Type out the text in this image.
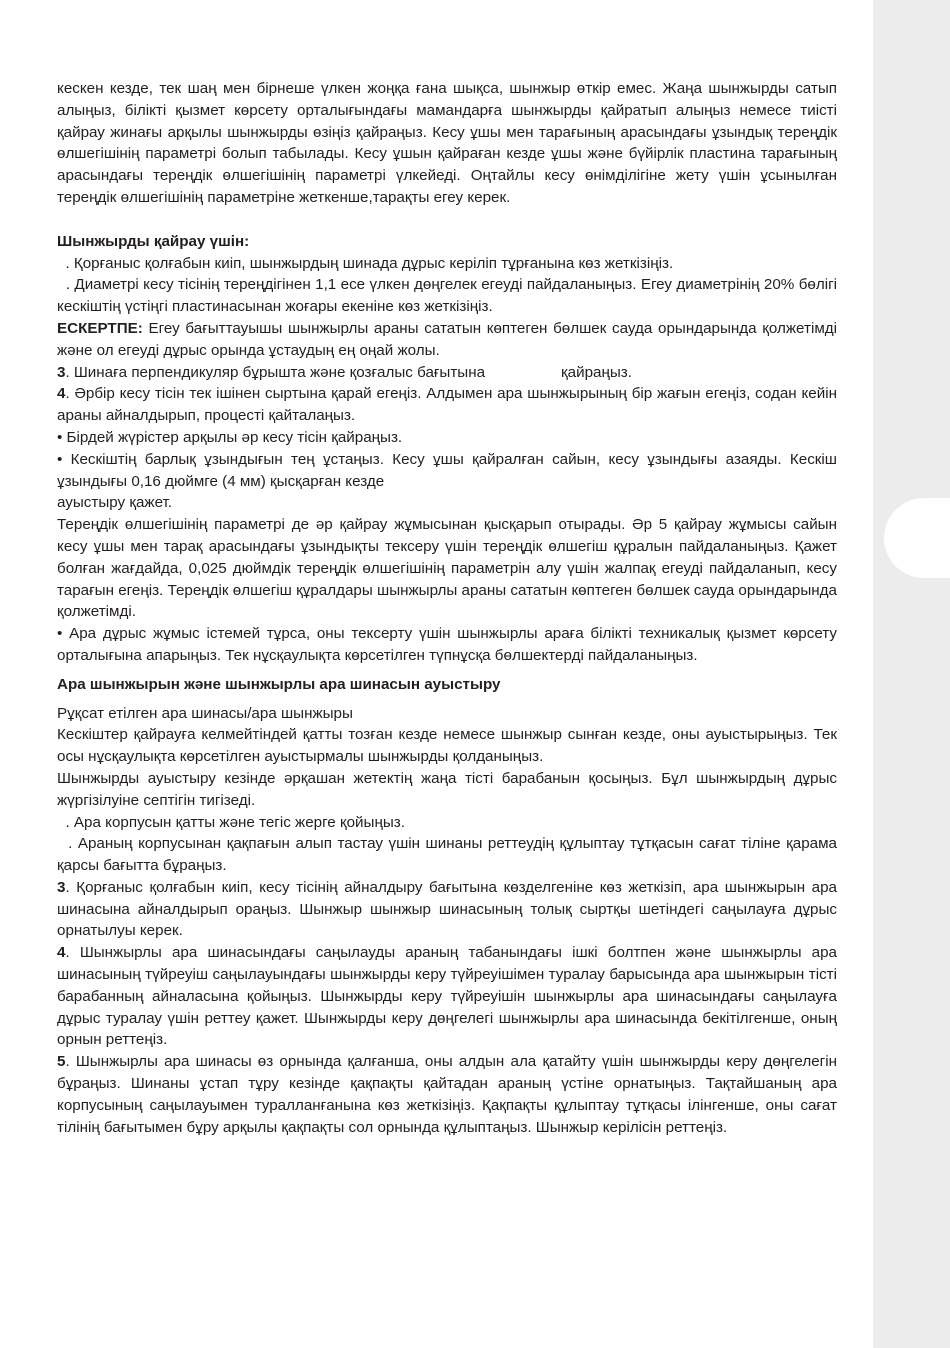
кескен кезде, тек шаң мен бірнеше үлкен жоңқа ғана шықса, шынжыр өткір емес. Жаңа шынжырды сатып алыңыз, білікті қызмет көрсету орталығындағы мамандарға шынжырды қайратып алыңыз немесе тиісті қайрау жинағы арқылы шынжырды өзіңіз қайраңыз. Кесу ұшы мен тарағының арасындағы ұзындық тереңдік өлшегішінің параметрі болып табылады. Кесу ұшын қайраған кезде ұшы және бүйірлік пластина тарағының арасындағы тереңдік өлшегішінің параметрі үлкейеді. Оңтайлы кесу өнімділігіне жету үшін ұсынылған тереңдік өлшегішінің параметріне жеткенше,тарақты егеу керек.

Шынжырды қайрау үшін:

. Қорғаныс қолғабын киіп, шынжырдың шинада дұрыс керіліп тұрғанына көз жеткізіңіз.

. Диаметрі кесу тісінің тереңдігінен 1,1 есе үлкен дөңгелек егеуді пайдаланыңыз. Егеу диаметрінің 20% бөлігі кескіштің үстіңгі пластинасынан жоғары екеніне көз жеткізіңіз.

ЕСКЕРТПЕ: Егеу бағыттауышы шынжырлы араны сататын көптеген бөлшек сауда орындарында қолжетімді және ол егеуді дұрыс орында ұстаудың ең оңай жолы.

3. Шинаға перпендикуляр бұрышта және қозғалыс бағытына                  қайраңыз.

4. Әрбір кесу тісін тек ішінен сыртына қарай егеңіз. Алдымен ара шынжырының бір жағын егеңіз, содан кейін араны айналдырып, процесті қайталаңыз.

• Бірдей жүрістер арқылы әр кесу тісін қайраңыз.

• Кескіштің барлық ұзындығын тең ұстаңыз. Кесу ұшы қайралған сайын, кесу ұзындығы азаяды. Кескіш ұзындығы 0,16 дюймге (4 мм) қысқарған кезде

ауыстыру қажет.

Тереңдік өлшегішінің параметрі де әр қайрау жұмысынан қысқарып отырады. Әр 5 қайрау жұмысы сайын кесу ұшы мен тарақ арасындағы ұзындықты тексеру үшін тереңдік өлшегіш құралын пайдаланыңыз. Қажет болған жағдайда, 0,025 дюймдік тереңдік өлшегішінің параметрін алу үшін жалпақ егеуді пайдаланып, кесу тарағын егеңіз. Тереңдік өлшегіш құралдары шынжырлы араны сататын көптеген бөлшек сауда орындарында қолжетімді.

• Ара дұрыс жұмыс істемей тұрса, оны тексерту үшін шынжырлы араға білікті техникалық қызмет көрсету орталығына апарыңыз. Тек нұсқаулықта көрсетілген түпнұсқа бөлшектерді пайдаланыңыз.

Ара шынжырын және шынжырлы ара шинасын ауыстыру

Рұқсат етілген ара шинасы/ара шынжыры

Кескіштер қайрауға келмейтіндей қатты тозған кезде немесе шынжыр сынған кезде, оны ауыстырыңыз. Тек осы нұсқаулықта көрсетілген ауыстырмалы шынжырды қолданыңыз.

Шынжырды ауыстыру кезінде әрқашан жетектің жаңа тісті барабанын қосыңыз. Бұл шынжырдың дұрыс жүргізілуіне септігін тигізеді.

. Ара корпусын қатты және тегіс жерге қойыңыз.

. Араның корпусынан қақпағын алып тастау үшін шинаны реттеудің құлыптау тұтқасын сағат тіліне қарама қарсы бағытта бұраңыз.

3. Қорғаныс қолғабын киіп, кесу тісінің айналдыру бағытына көзделгеніне көз жеткізіп, ара шынжырын ара шинасына айналдырып ораңыз. Шынжыр шынжыр шинасының толық сыртқы шетіндегі саңылауға дұрыс орнатылуы керек.

4. Шынжырлы ара шинасындағы саңылауды араның табанындағы ішкі болтпен және шынжырлы ара шинасының түйреуіш саңылауындағы шынжырды керу түйреуішімен туралау барысында ара шынжырын тісті барабанның айналасына қойыңыз. Шынжырды керу түйреуішін шынжырлы ара шинасындағы саңылауға дұрыс туралау үшін реттеу қажет. Шынжырды керу дөңгелегі шынжырлы ара шинасында бекітілгенше, оның орнын реттеңіз.

5. Шынжырлы ара шинасы өз орнында қалғанша, оны алдын ала қатайту үшін шынжырды керу дөңгелегін бұраңыз. Шинаны ұстап тұру кезінде қақпақты қайтадан араның үстіне орнатыңыз. Тақтайшаның ара корпусының саңылауымен туралланғанына көз жеткізіңіз. Қақпақты құлыптау тұтқасы ілінгенше, оны сағат тілінің бағытымен бұру арқылы қақпақты сол орнында құлыптаңыз. Шынжыр керілісін реттеңіз.
